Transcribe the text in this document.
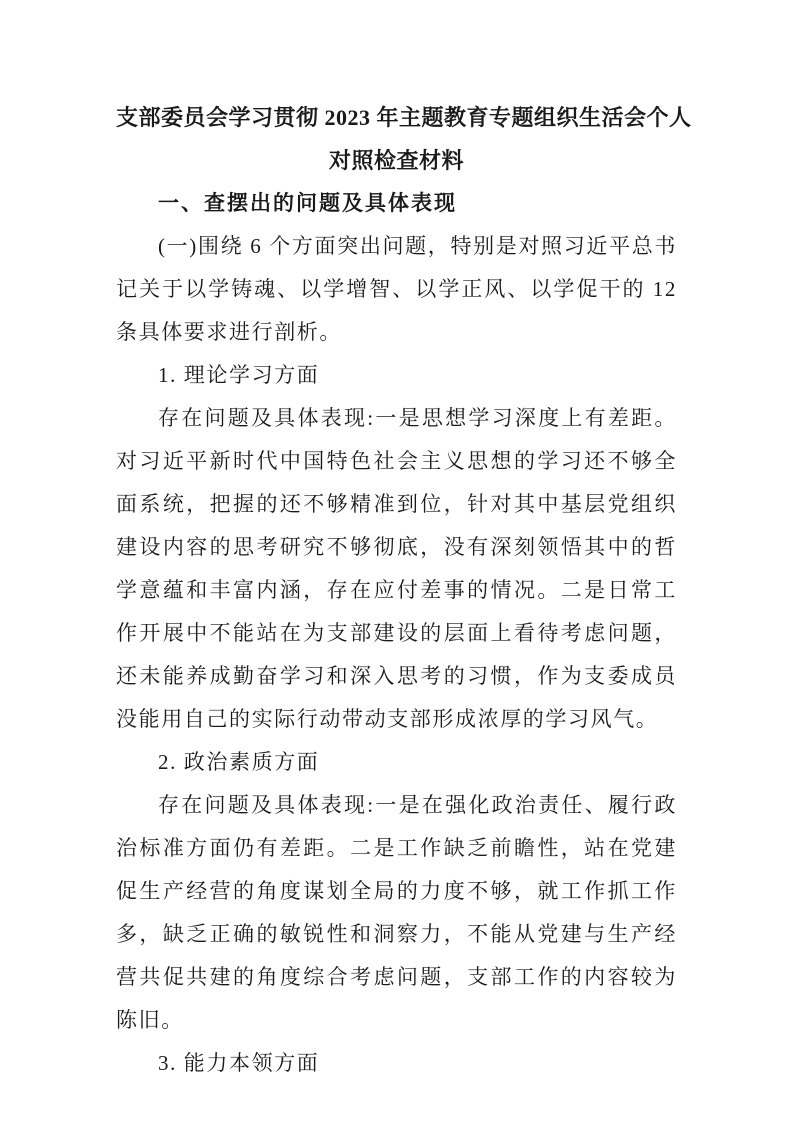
支部委员会学习贯彻 2023 年主题教育专题组织生活会个人

对照检查材料

一、查摆出的问题及具体表现

(一)围绕 6 个方面突出问题，特别是对照习近平总书记关于以学铸魂、以学增智、以学正风、以学促干的 12 条具体要求进行剖析。

1. 理论学习方面

存在问题及具体表现:一是思想学习深度上有差距。对习近平新时代中国特色社会主义思想的学习还不够全面系统，把握的还不够精准到位，针对其中基层党组织建设内容的思考研究不够彻底，没有深刻领悟其中的哲学意蕴和丰富内涵，存在应付差事的情况。二是日常工作开展中不能站在为支部建设的层面上看待考虑问题，还未能养成勤奋学习和深入思考的习惯，作为支委成员没能用自己的实际行动带动支部形成浓厚的学习风气。

2. 政治素质方面

存在问题及具体表现:一是在强化政治责任、履行政治标准方面仍有差距。二是工作缺乏前瞻性，站在党建促生产经营的角度谋划全局的力度不够，就工作抓工作多，缺乏正确的敏锐性和洞察力，不能从党建与生产经营共促共建的角度综合考虑问题，支部工作的内容较为陈旧。

3. 能力本领方面
